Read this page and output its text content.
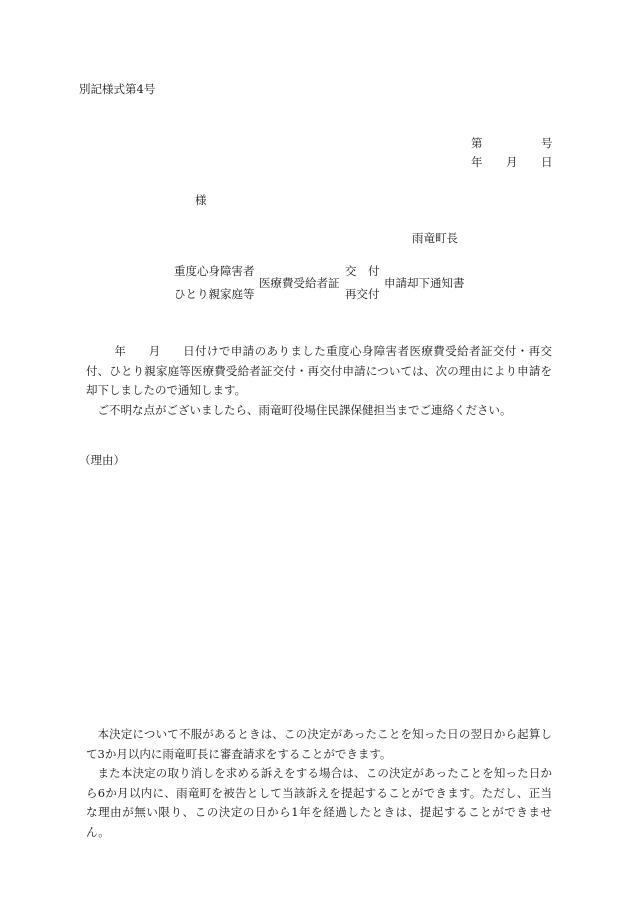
別記様式第4号
第	号
年 月 日
様
雨竜町長
重度心身障害者
ひとり親家庭等
医療費受給者証
交　付
再交付
申請却下通知書

年 月 日付けで申請のありました重度心身障害者医療費受給者証交付・再交付、ひとり親家庭等医療費受給者証交付・再交付申請については、次の理由により申請を却下しましたので通知します。

ご不明な点がございましたら、雨竜町役場住民課保健担当までご連絡ください。

（理由）

本決定について不服があるときは、この決定があったことを知った日の翌日から起算して3か月以内に雨竜町長に審査請求をすることができます。

また本決定の取り消しを求める訴えをする場合は、この決定があったことを知った日から6か月以内に、雨竜町を被告として当該訴えを提起することができます。ただし、正当な理由が無い限り、この決定の日から1年を経過したときは、提起することができません。
